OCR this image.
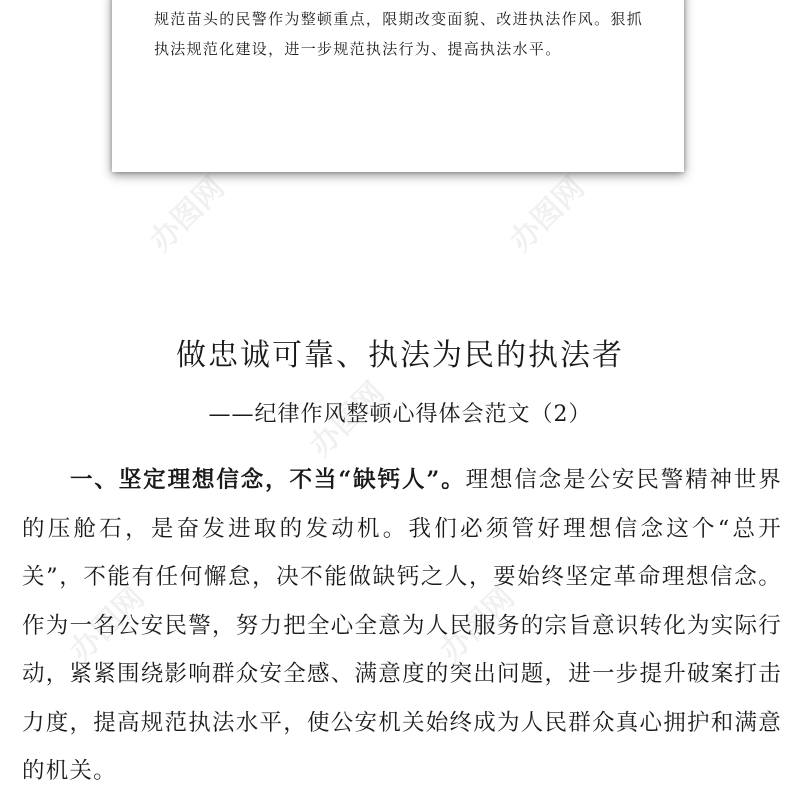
规范苗头的民警作为整顿重点，限期改变面貌、改进执法作风。狠抓
执法规范化建设，进一步规范执法行为、提高执法水平。
办图网	办图网
办图网
办图网	办图网
做忠诚可靠、执法为民的执法者
——纪律作风整顿心得体会范文（2）

一、坚定理想信念，不当“缺钙人”。理想信念是公安民警精神世界的压舱石，是奋发进取的发动机。我们必须管好理想信念这个“总开关”，不能有任何懈怠，决不能做缺钙之人，要始终坚定革命理想信念。作为一名公安民警，努力把全心全意为人民服务的宗旨意识转化为实际行动，紧紧围绕影响群众安全感、满意度的突出问题，进一步提升破案打击力度，提高规范执法水平，使公安机关始终成为人民群众真心拥护和满意的机关。
